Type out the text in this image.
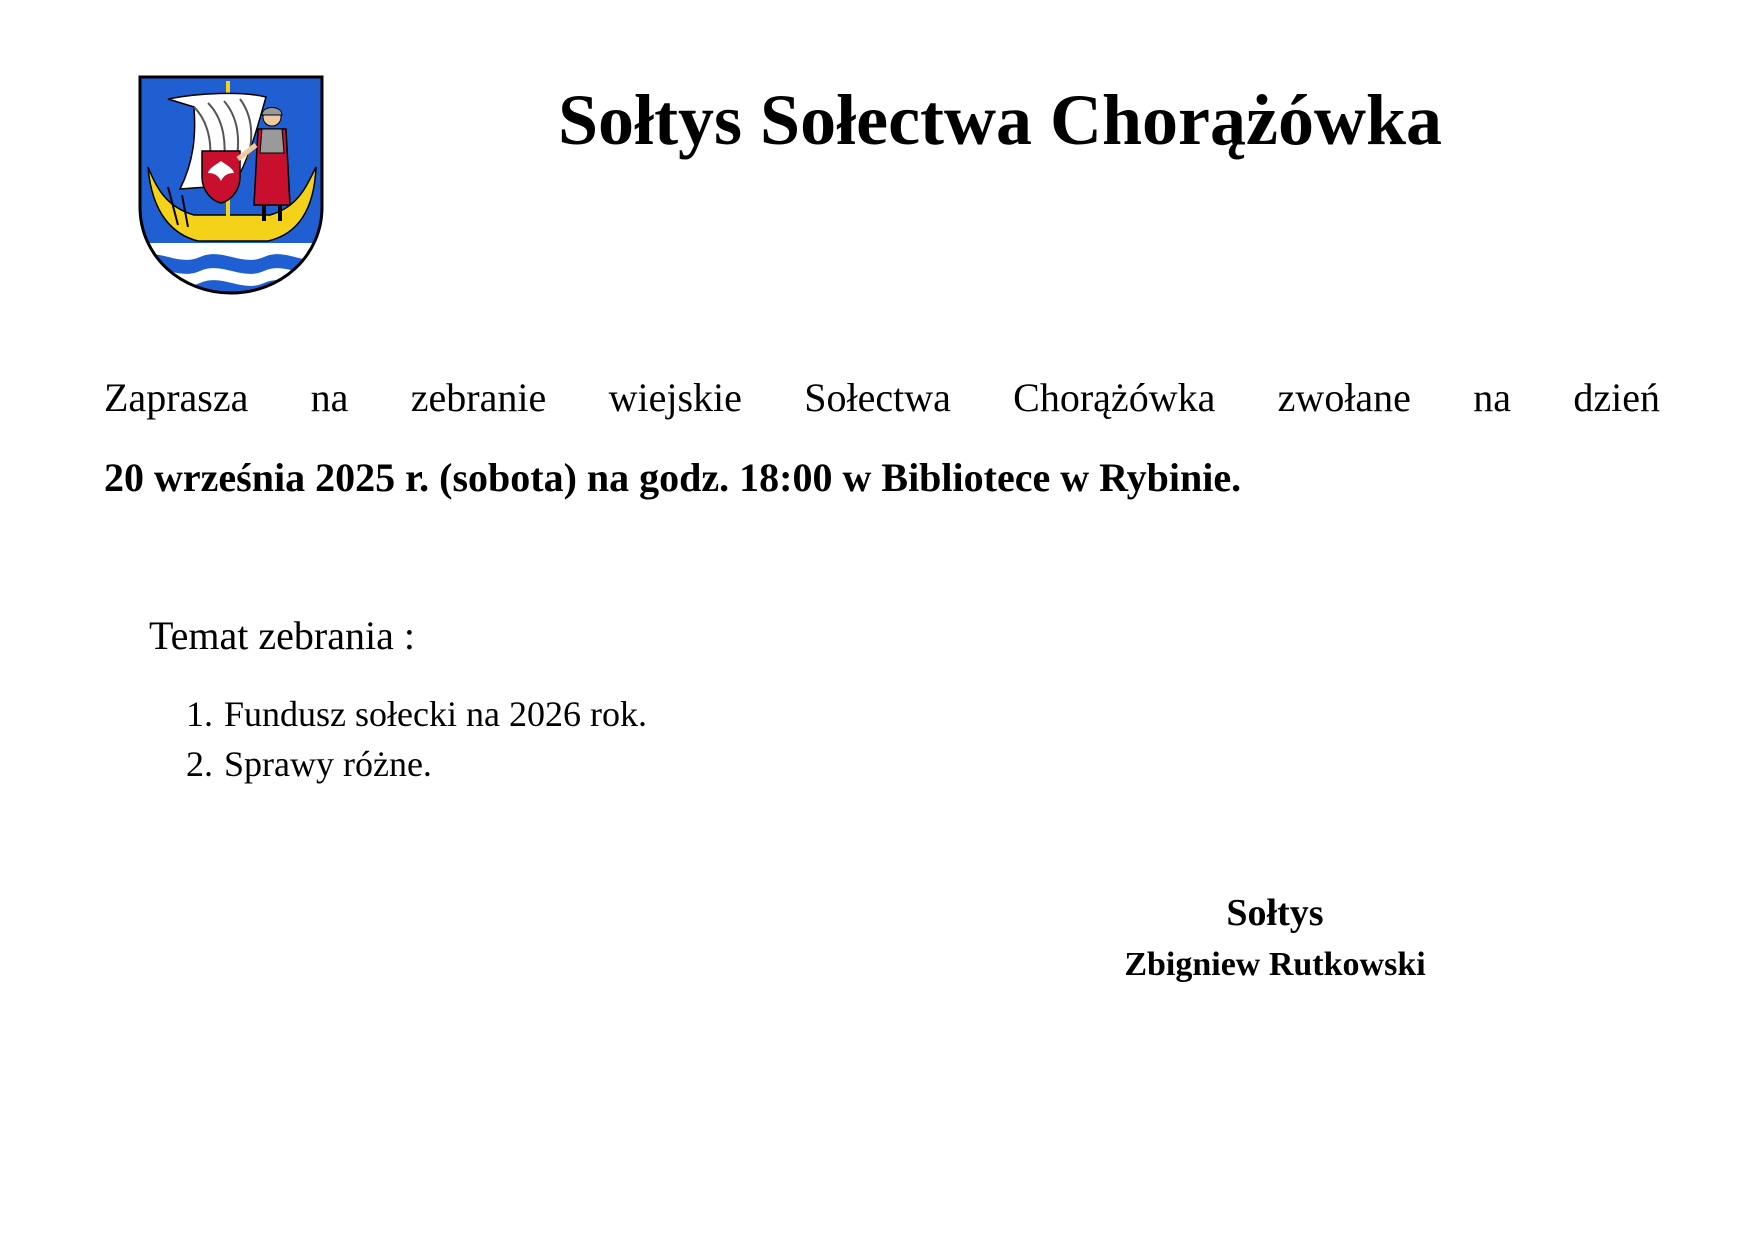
Sołtys Sołectwa Chorążówka
Zaprasza na zebranie wiejskie Sołectwa Chorążówka zwołane na dzień
20 września 2025 r. (sobota) na godz. 18:00 w Bibliotece w Rybinie.
Temat zebrania :
1. Fundusz sołecki na 2026 rok.
2. Sprawy różne.
Sołtys
Zbigniew Rutkowski
